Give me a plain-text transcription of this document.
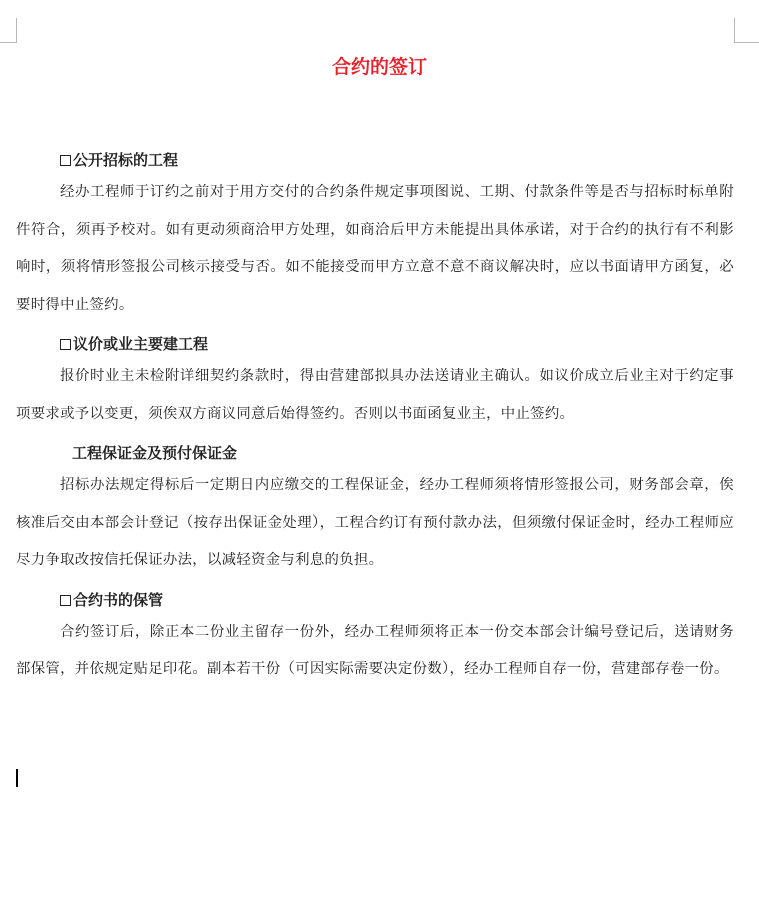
合约的签订
公开招标的工程

经办工程师于订约之前对于用方交付的合约条件规定事项图说、工期、付款条件等是否与招标时标单附件符合，须再予校对。如有更动须商洽甲方处理，如商洽后甲方未能提出具体承诺，对于合约的执行有不利影响时，须将情形签报公司核示接受与否。如不能接受而甲方立意不意不商议解决时，应以书面请甲方函复，必要时得中止签约。

议价或业主要建工程

报价时业主未检附详细契约条款时，得由营建部拟具办法送请业主确认。如议价成立后业主对于约定事项要求或予以变更，须俟双方商议同意后始得签约。否则以书面函复业主，中止签约。

工程保证金及预付保证金

招标办法规定得标后一定期日内应缴交的工程保证金，经办工程师须将情形签报公司，财务部会章，俟核准后交由本部会计登记（按存出保证金处理），工程合约订有预付款办法，但须缴付保证金时，经办工程师应尽力争取改按信托保证办法，以减轻资金与利息的负担。

合约书的保管

合约签订后，除正本二份业主留存一份外，经办工程师须将正本一份交本部会计编号登记后，送请财务部保管，并依规定贴足印花。副本若干份（可因实际需要决定份数），经办工程师自存一份，营建部存卷一份。
